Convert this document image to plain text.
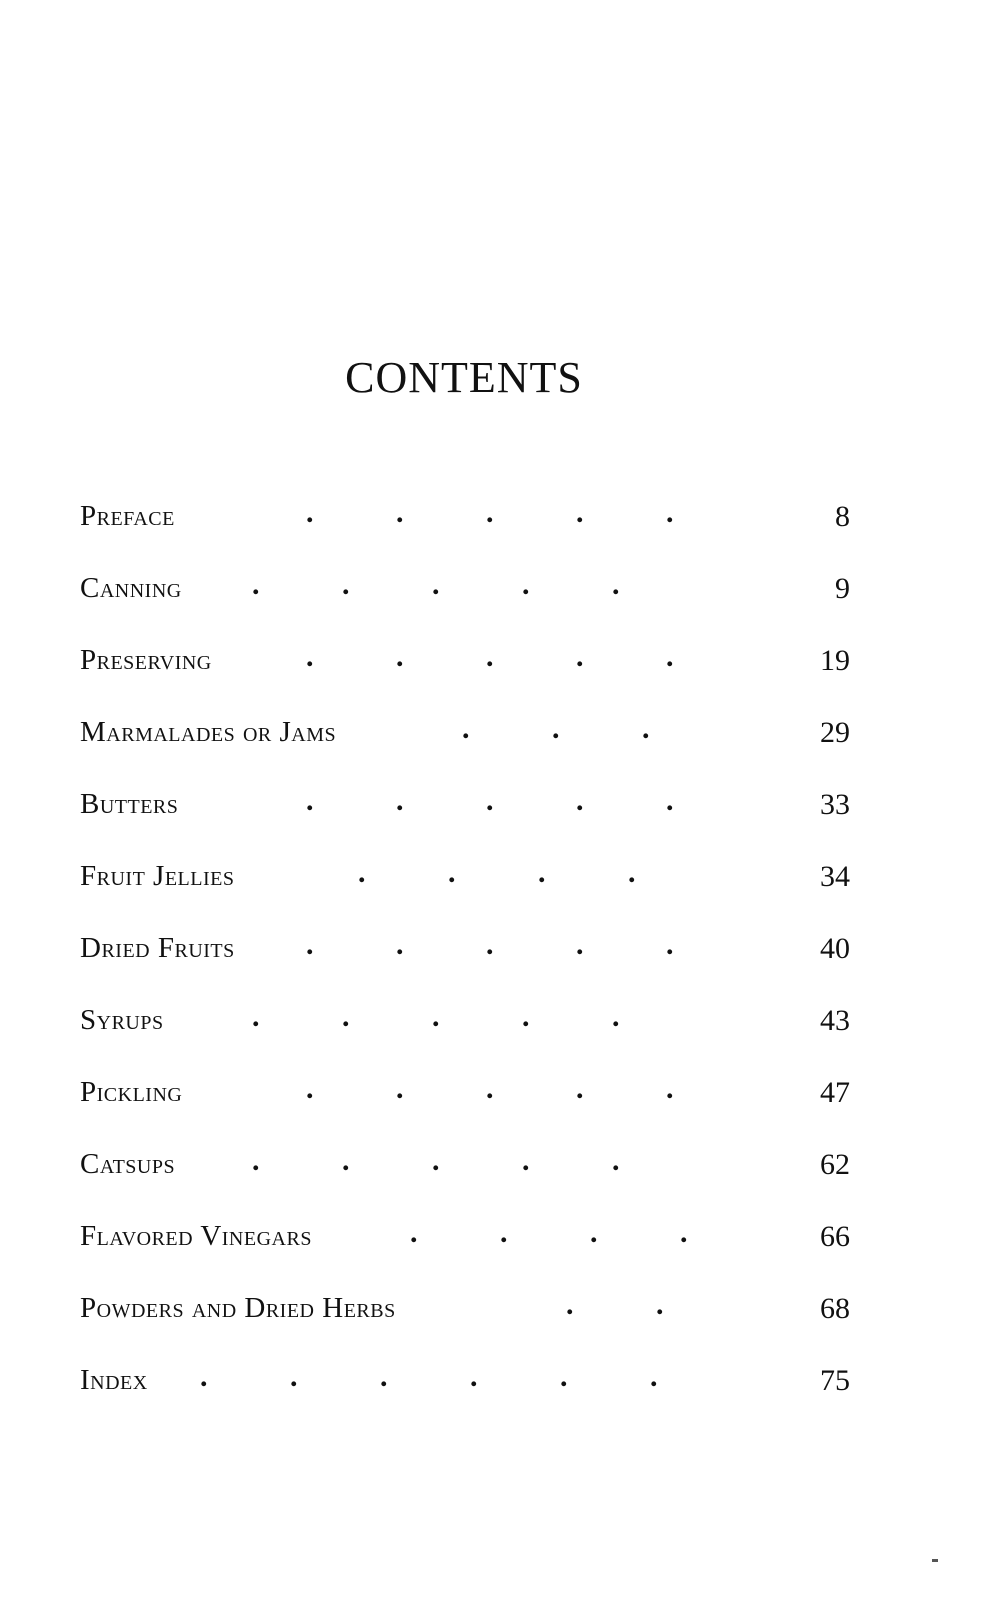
CONTENTS
Preface	.           .           .           .           .	8
Canning .           .           .           .           .	9
Preserving	.           .           .           .           .	19
Marmalades or Jams	.           .           .	29
Butters	.           .           .           .           .	33
Fruit Jellies	.           .           .           .	34
Dried Fruits .           .           .           .           .	40
Syrups	.           .           .           .           .	43
Pickling	.           .           .           .           .	47
Catsups	.           .           .           .           .	62
Flavored Vinegars	.           .           .           .	66
Powders and Dried Herbs	.           .	68
Index .           .           .           .           .           .	75
